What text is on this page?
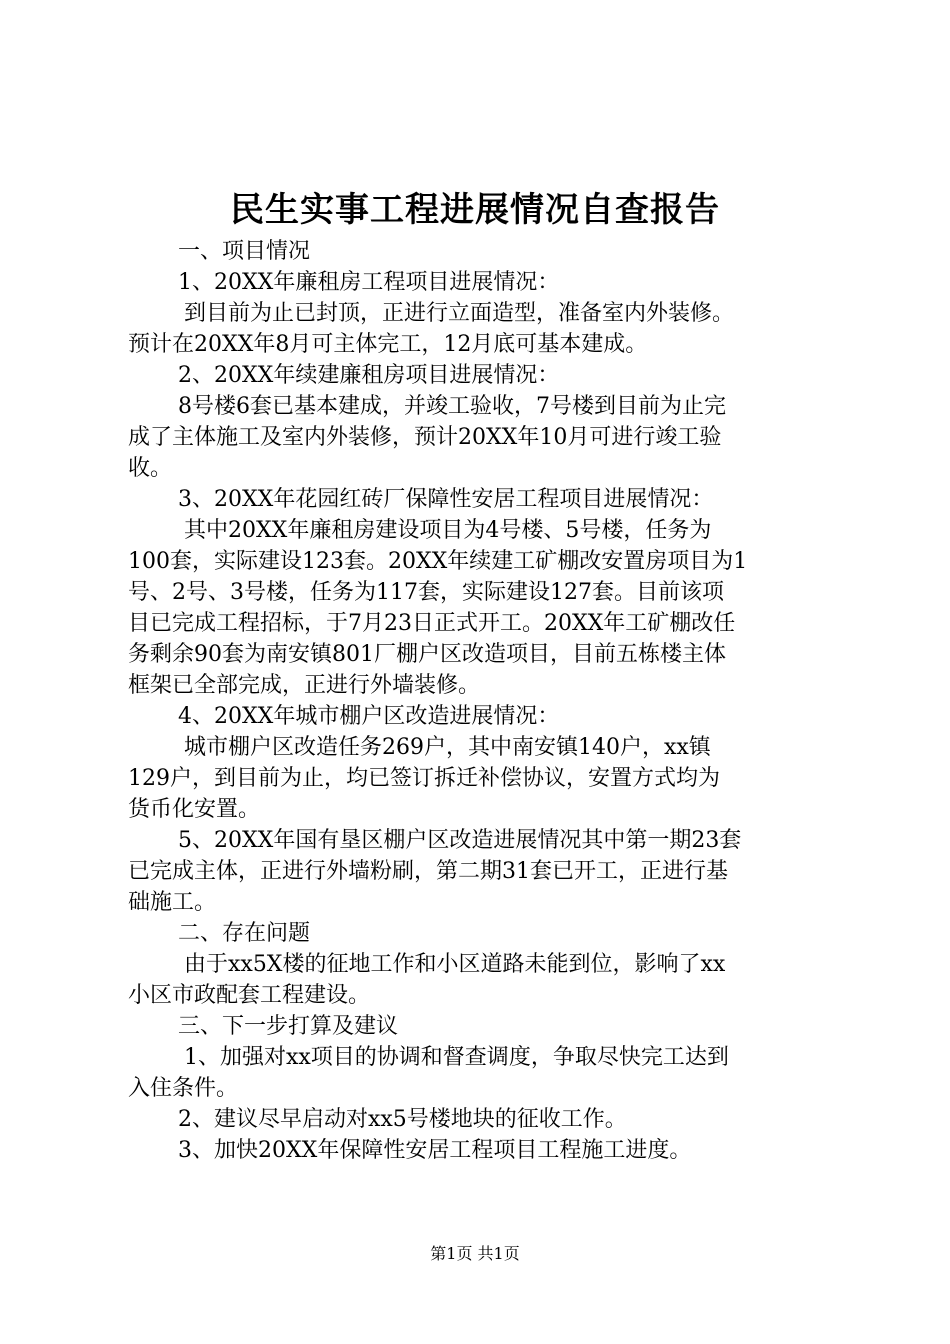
民生实事工程进展情况自查报告
一、项目情况
1、20XX年廉租房工程项目进展情况：
到目前为止已封顶，正进行立面造型，准备室内外装修。
预计在20XX年8月可主体完工，12月底可基本建成。
2、20XX年续建廉租房项目进展情况：
8号楼6套已基本建成，并竣工验收，7号楼到目前为止完
成了主体施工及室内外装修，预计20XX年10月可进行竣工验
收。
3、20XX年花园红砖厂保障性安居工程项目进展情况：
其中20XX年廉租房建设项目为4号楼、5号楼，任务为
100套，实际建设123套。20XX年续建工矿棚改安置房项目为1
号、2号、3号楼，任务为117套，实际建设127套。目前该项
目已完成工程招标，于7月23日正式开工。20XX年工矿棚改任
务剩余90套为南安镇801厂棚户区改造项目，目前五栋楼主体
框架已全部完成，正进行外墙装修。
4、20XX年城市棚户区改造进展情况：
城市棚户区改造任务269户，其中南安镇140户，xx镇
129户，到目前为止，均已签订拆迁补偿协议，安置方式均为
货币化安置。
5、20XX年国有垦区棚户区改造进展情况其中第一期23套
已完成主体，正进行外墙粉刷，第二期31套已开工，正进行基
础施工。
二、存在问题
由于xx5X楼的征地工作和小区道路未能到位，影响了xx
小区市政配套工程建设。
三、下一步打算及建议
1、加强对xx项目的协调和督查调度，争取尽快完工达到
入住条件。
2、建议尽早启动对xx5号楼地块的征收工作。
3、加快20XX年保障性安居工程项目工程施工进度。
第1页 共1页
